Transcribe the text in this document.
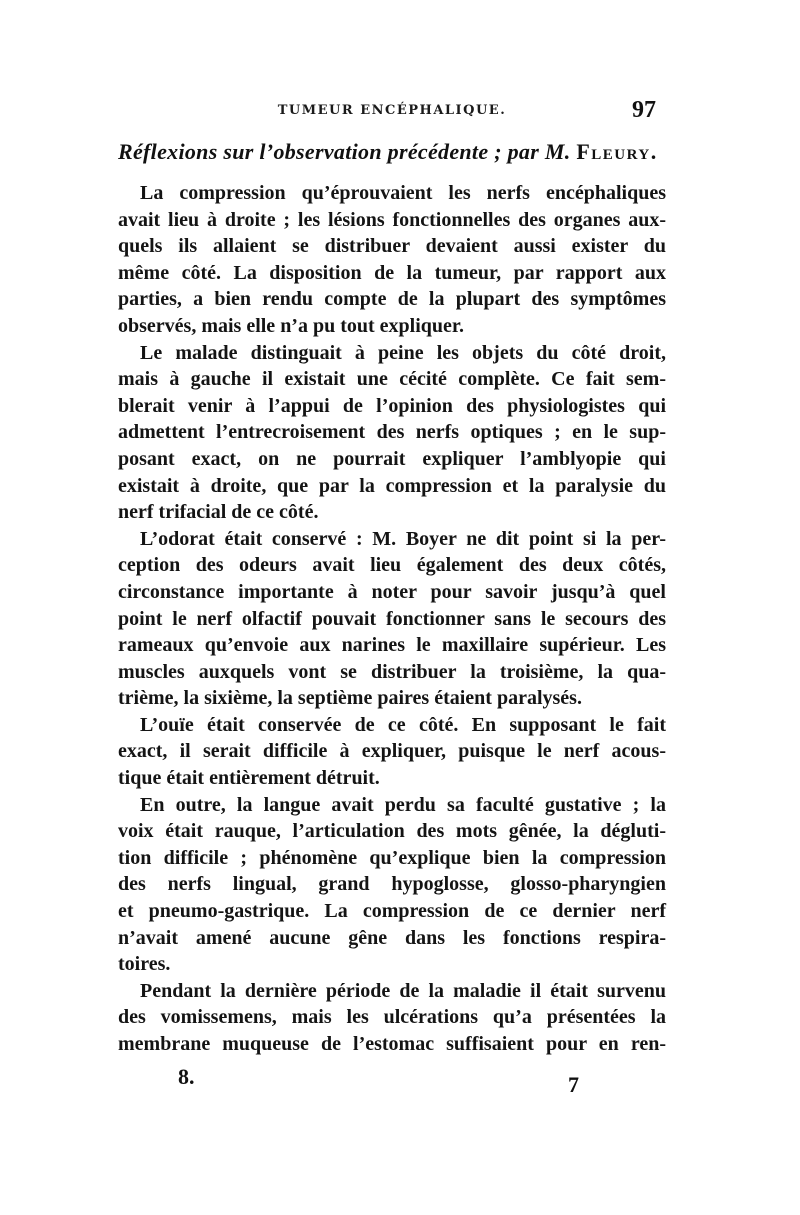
TUMEUR ENCÉPHALIQUE.	97
Réflexions sur l’observation précédente ; par M. Fleury.
La compression qu’éprouvaient les nerfs encéphaliques
avait lieu à droite ; les lésions fonctionnelles des organes aux-
quels ils allaient se distribuer devaient aussi exister du
même côté. La disposition de la tumeur, par rapport aux
parties, a bien rendu compte de la plupart des symptômes
observés, mais elle n’a pu tout expliquer.
Le malade distinguait à peine les objets du côté droit,
mais à gauche il existait une cécité complète. Ce fait sem-
blerait venir à l’appui de l’opinion des physiologistes qui
admettent l’entrecroisement des nerfs optiques ; en le sup-
posant exact, on ne pourrait expliquer l’amblyopie qui
existait à droite, que par la compression et la paralysie du
nerf trifacial de ce côté.
L’odorat était conservé : M. Boyer ne dit point si la per-
ception des odeurs avait lieu également des deux côtés,
circonstance importante à noter pour savoir jusqu’à quel
point le nerf olfactif pouvait fonctionner sans le secours des
rameaux qu’envoie aux narines le maxillaire supérieur. Les
muscles auxquels vont se distribuer la troisième, la qua-
trième, la sixième, la septième paires étaient paralysés.
L’ouïe était conservée de ce côté. En supposant le fait
exact, il serait difficile à expliquer, puisque le nerf acous-
tique était entièrement détruit.
En outre, la langue avait perdu sa faculté gustative ; la
voix était rauque, l’articulation des mots gênée, la dégluti-
tion difficile ; phénomène qu’explique bien la compression
des nerfs lingual, grand hypoglosse, glosso-pharyngien
et pneumo-gastrique. La compression de ce dernier nerf
n’avait amené aucune gêne dans les fonctions respira-
toires.
Pendant la dernière période de la maladie il était survenu
des vomissemens, mais les ulcérations qu’a présentées la
membrane muqueuse de l’estomac suffisaient pour en ren-
8.	7
